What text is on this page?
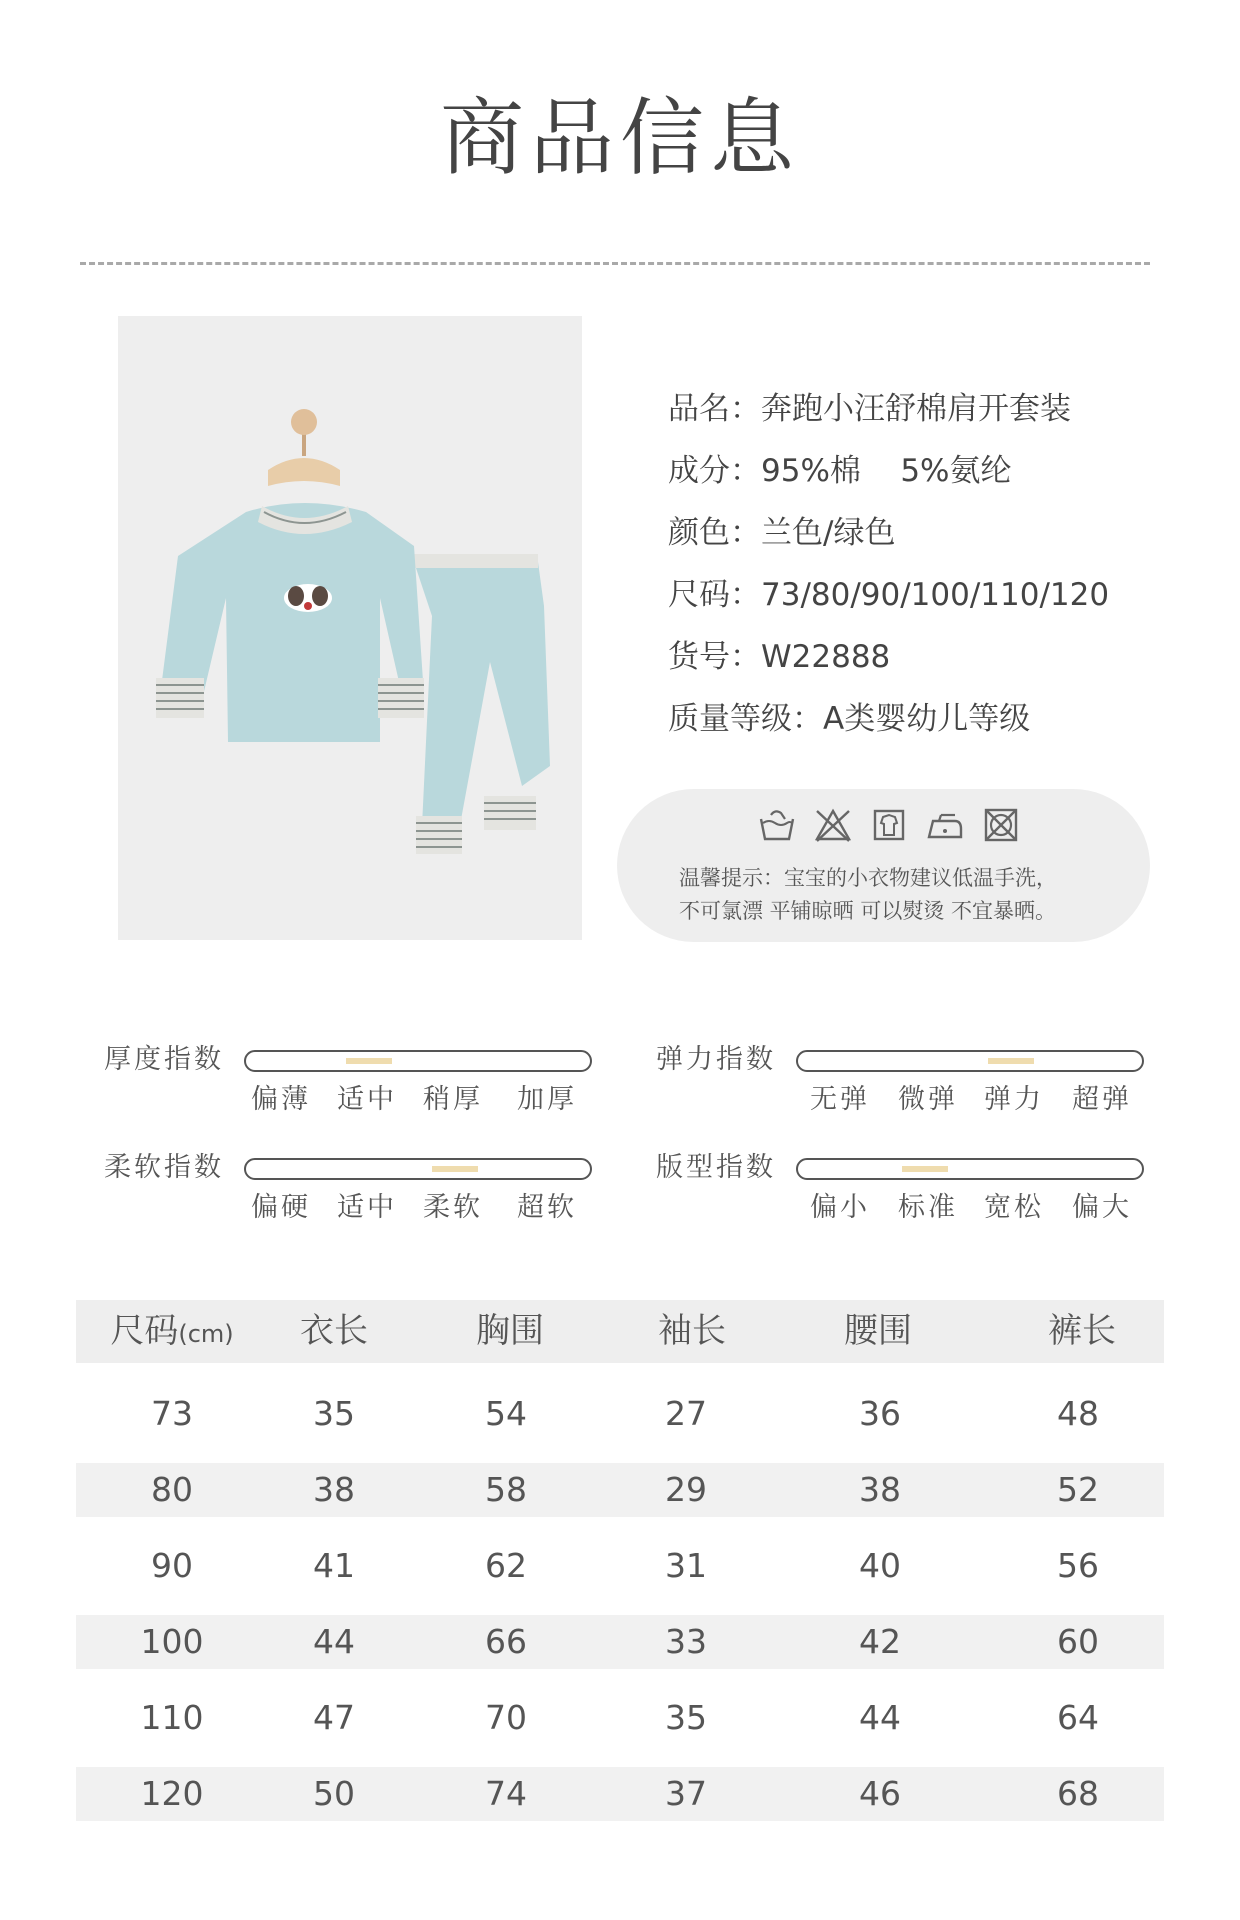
商品信息
品名：奔跑小汪舒棉肩开套装
成分：95%棉    5%氨纶
颜色：兰色/绿色
尺码：73/80/90/100/110/120
货号：W22888
质量等级：A类婴幼儿等级
温馨提示：宝宝的小衣物建议低温手洗，
不可氯漂 平铺晾晒 可以熨烫 不宜暴晒。
厚度指数
偏薄 适中 稍厚	加厚
弹力指数
无弹	微弹 弹力	超弹
柔软指数
偏硬 适中 柔软	超软
版型指数
偏小	标准 宽松	偏大
尺码(cm)	衣长	胸围	袖长	腰围	裤长
73	35	54	27	36	48
80	38	58	29	38	52
90	41	62	31	40	56
100	44	66	33	42	60
110	47	70	35	44	64
120	50	74	37	46	68
